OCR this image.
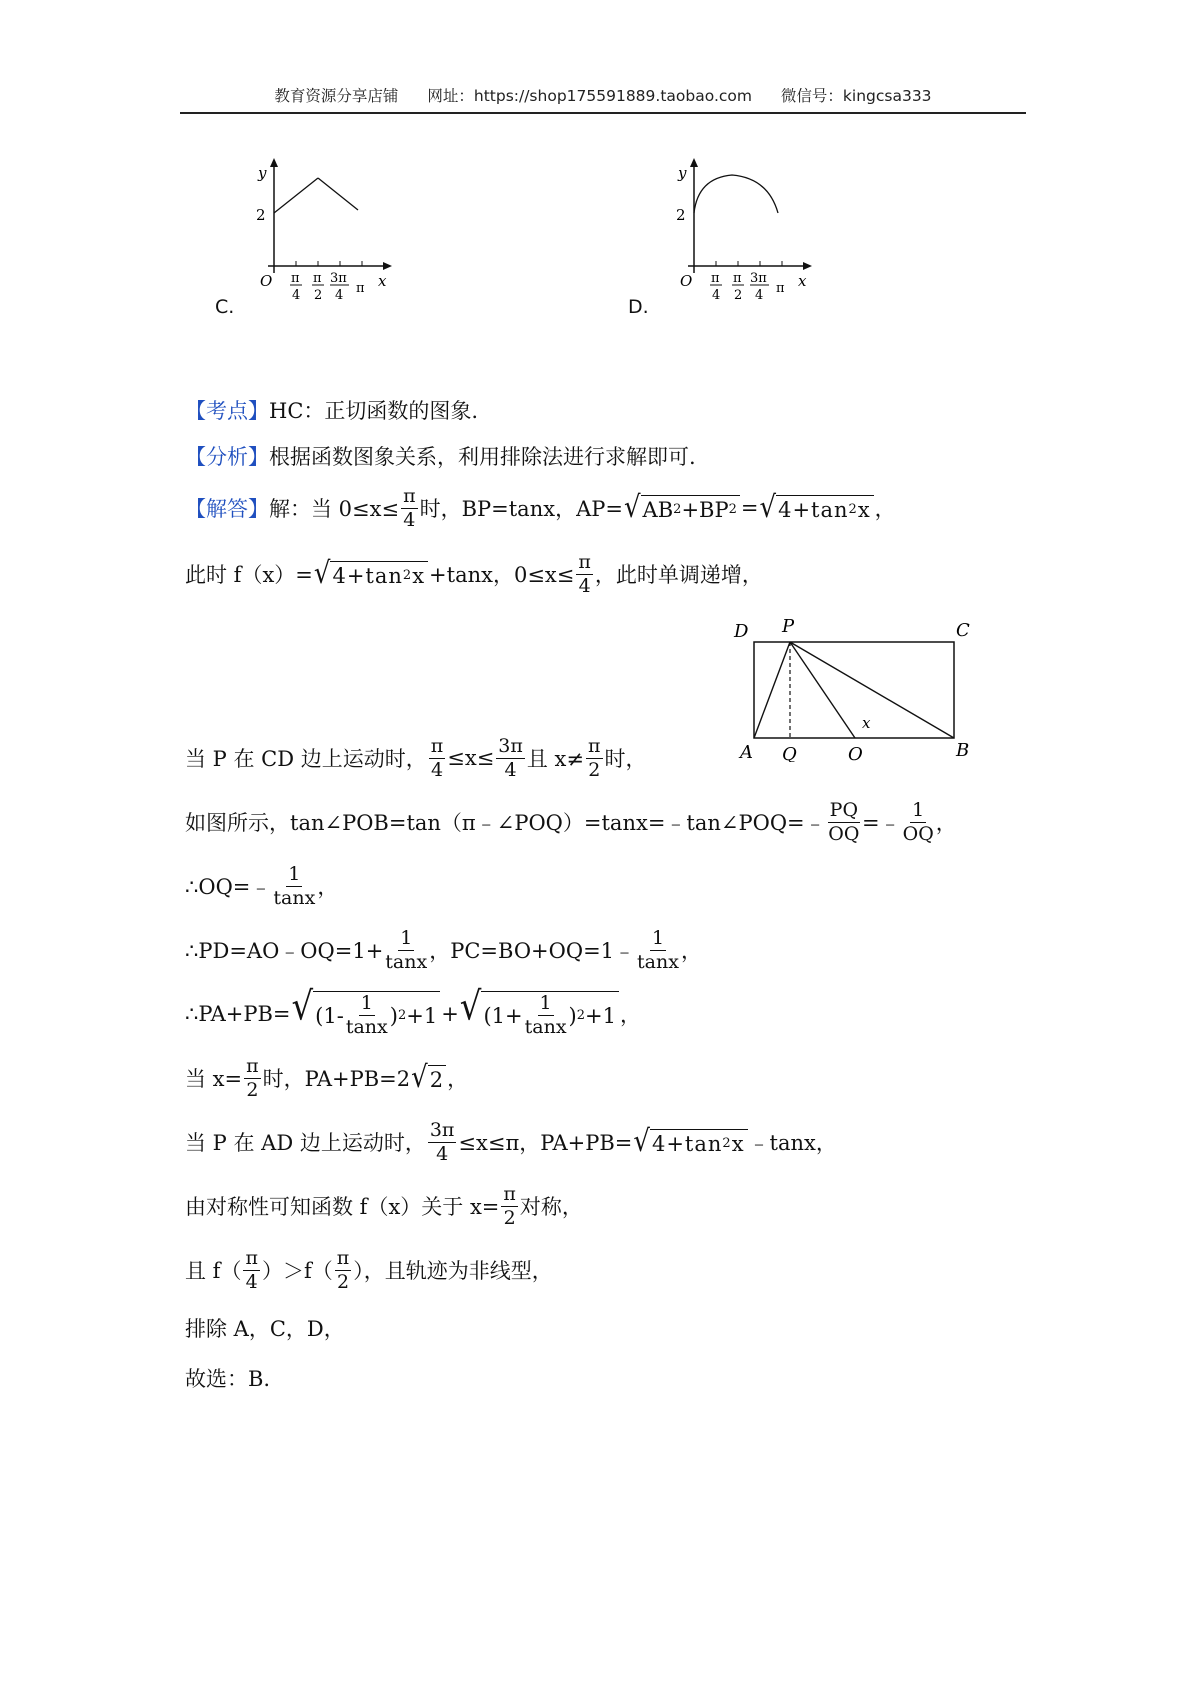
教育资源分享店铺 网址：https://shop175591889.taobao.com 微信号：kingcsa333
C.
y
2
O	x
π
4
π
2
3π
4 π
D.
y
2
O	x
π
4
π
2
3π
4 π
【考点】 HC：正切函数的图象.
【分析】 根据函数图象关系，利用排除法进行求解即可.
【解答】 解：当 $0\le x\le \frac{\pi}{4}$ 时，BP=tanx，AP= √ AB 2 + BP 2 = √ 4+tan 2 x ，
此时 f（x）= √ 4+tan 2 x +tanx，$0\le x\le \frac{\pi}{4}$ ，此时单调递增，
D P	C
A Q	O	B
x
当 P 在 CD 边上运动时， $\frac{\pi}{4} \le x\le \frac{3\pi}{4}$ 且 $x\ne \frac{\pi}{2}$ 时，
如图所示，tan∠POB=tan（π﹣∠POQ）=tanx=﹣tan∠POQ=﹣ $\frac{PQ}{OQ}$ =﹣ $\frac{1}{OQ}$ ，
∴OQ=﹣ $\frac{1}{\tan x}$ ，
∴PD=AO﹣OQ=1+ $\frac{1}{\tan x}$ ，PC=BO+OQ=1﹣ $\frac{1}{\tan x}$ ，
∴PA+PB= √ ($1- \frac{1}{\tan x}$ ) 2 +1 + √ ($1+ \frac{1}{\tan x}$ ) 2 +1 ，
当 $x= \frac{\pi}{2}$ 时，PA+PB=2 √ 2 ，
当 P 在 AD 边上运动时， $\frac{3\pi}{4} \le x\le\pi$，PA+PB= √ 4+tan 2 x ﹣tanx，
由对称性可知函数 f（x）关于 $x= \frac{\pi}{2}$ 对称，
且 $f( \frac{\pi}{4} )>f( \frac{\pi}{2}$ ），且轨迹为非线型，
排除 A，C，D，
故选：B.
